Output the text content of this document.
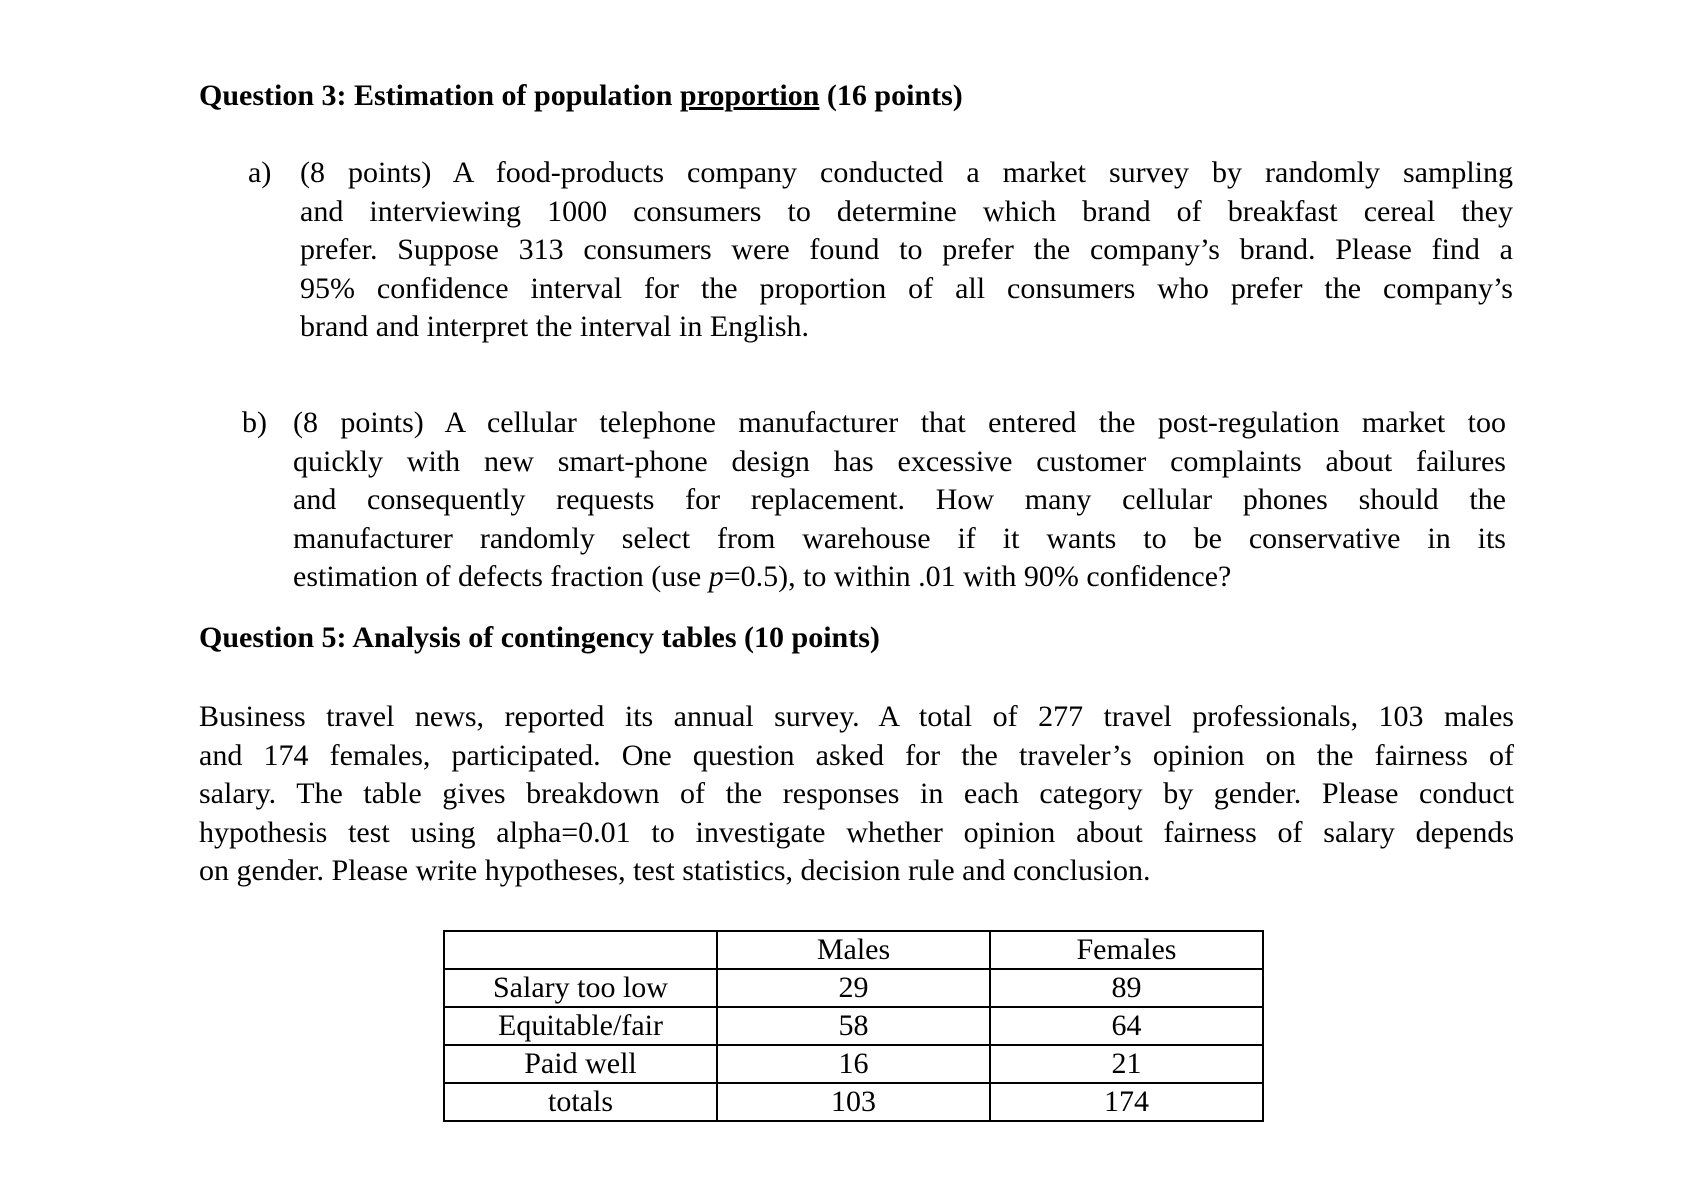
Question 3: Estimation of population proportion (16 points)
a) (8 points) A food-products company conducted a market survey by randomly sampling
and interviewing 1000 consumers to determine which brand of breakfast cereal they
prefer. Suppose 313 consumers were found to prefer the company’s brand. Please find a
95% confidence interval for the proportion of all consumers who prefer the company’s
brand and interpret the interval in English.
b) (8 points) A cellular telephone manufacturer that entered the post-regulation market too
quickly with new smart-phone design has excessive customer complaints about failures
and consequently requests for replacement. How many cellular phones should the
manufacturer randomly select from warehouse if it wants to be conservative in its
estimation of defects fraction (use p=0.5), to within .01 with 90% confidence?
Question 5: Analysis of contingency tables (10 points)
Business travel news, reported its annual survey. A total of 277 travel professionals, 103 males
and 174 females, participated. One question asked for the traveler’s opinion on the fairness of
salary. The table gives breakdown of the responses in each category by gender. Please conduct
hypothesis test using alpha=0.01 to investigate whether opinion about fairness of salary depends
on gender. Please write hypotheses, test statistics, decision rule and conclusion.
	Males	Females
Salary too low	29	89
Equitable/fair	58	64
Paid well	16	21
totals	103	174
